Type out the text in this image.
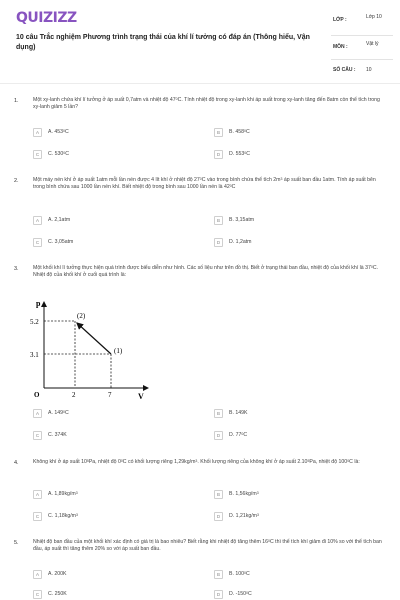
QUIZIZZ
10 câu Trắc nghiệm Phương trình trạng thái của khí lí tưởng có đáp án (Thông hiểu, Vận dụng)
LỚP :	Lớp 10
MÔN :	Vật lý
SỐ CÂU : 10
1.	Một xy-lanh chứa khí lí tưởng ở áp suất 0,7atm và nhiệt độ $47^0C$. Tính nhiệt độ trong xy-lanh khi áp suất trong xy-lanh tăng đến 8atm còn thể tích trong xy-lanh giảm 5 lần?
A	A. $453^0C$	B	B. $458^0C$
C	C. $530^0C$	D	D. $553^0C$
2.	Một máy nén khí ở áp suất 1atm mỗi lần nén được 4 lít khí ở nhiệt độ $27^0C$ vào trong bình chứa thể tích $2m^3$ áp suất ban đầu 1atm. Tính áp suất bên trong bình chứa sau 1000 lần nén khí. Biết nhiệt độ trong bình sau 1000 lần nén là $42^0C$
A	A. 2,1atm	B	B. 3,15atm
C	C. 3,05atm	D	D. 1,2atm
3.	Một khối khí lí tưởng thực hiện quá trình được biểu diễn như hình. Các số liệu như trên đồ thị. Biết ở trạng thái ban đầu, nhiệt độ của khối khí là $37^0C$. Nhiệt độ của khối khí ở cuối quá trình là:
p
V
O
5.2
3.1
2	7
(2)
(1)
A	A. $149^0C$	B	B. 149K
C	C. 374K	D	D. $77^0C$
4.	Không khí ở áp suất $10^5Pa$, nhiệt độ $0^0C$ có khối lượng riêng $1,29kg/m^3$. Khối lượng riêng của không khí ở áp suất 2.10$^5$Pa, nhiệt độ $100^0C$ là:
A	A. $1,89kg/m^3$	B	B. $1,56kg/m^3$
C	C. $1,18kg/m^3$	D	D. $1,21kg/m^3$
5.	Nhiệt độ ban đầu của một khối khí xác định có giá trị là bao nhiêu? Biết rằng khi nhiệt độ tăng thêm $16^0C$ thì thể tích khí giảm đi 10% so với thể tích ban đầu, áp suất thì tăng thêm 20% so với áp suất ban đầu.
A	A. 200K	B	B. $100^0C$
C	C. 250K	D	D. $-150^0C$
